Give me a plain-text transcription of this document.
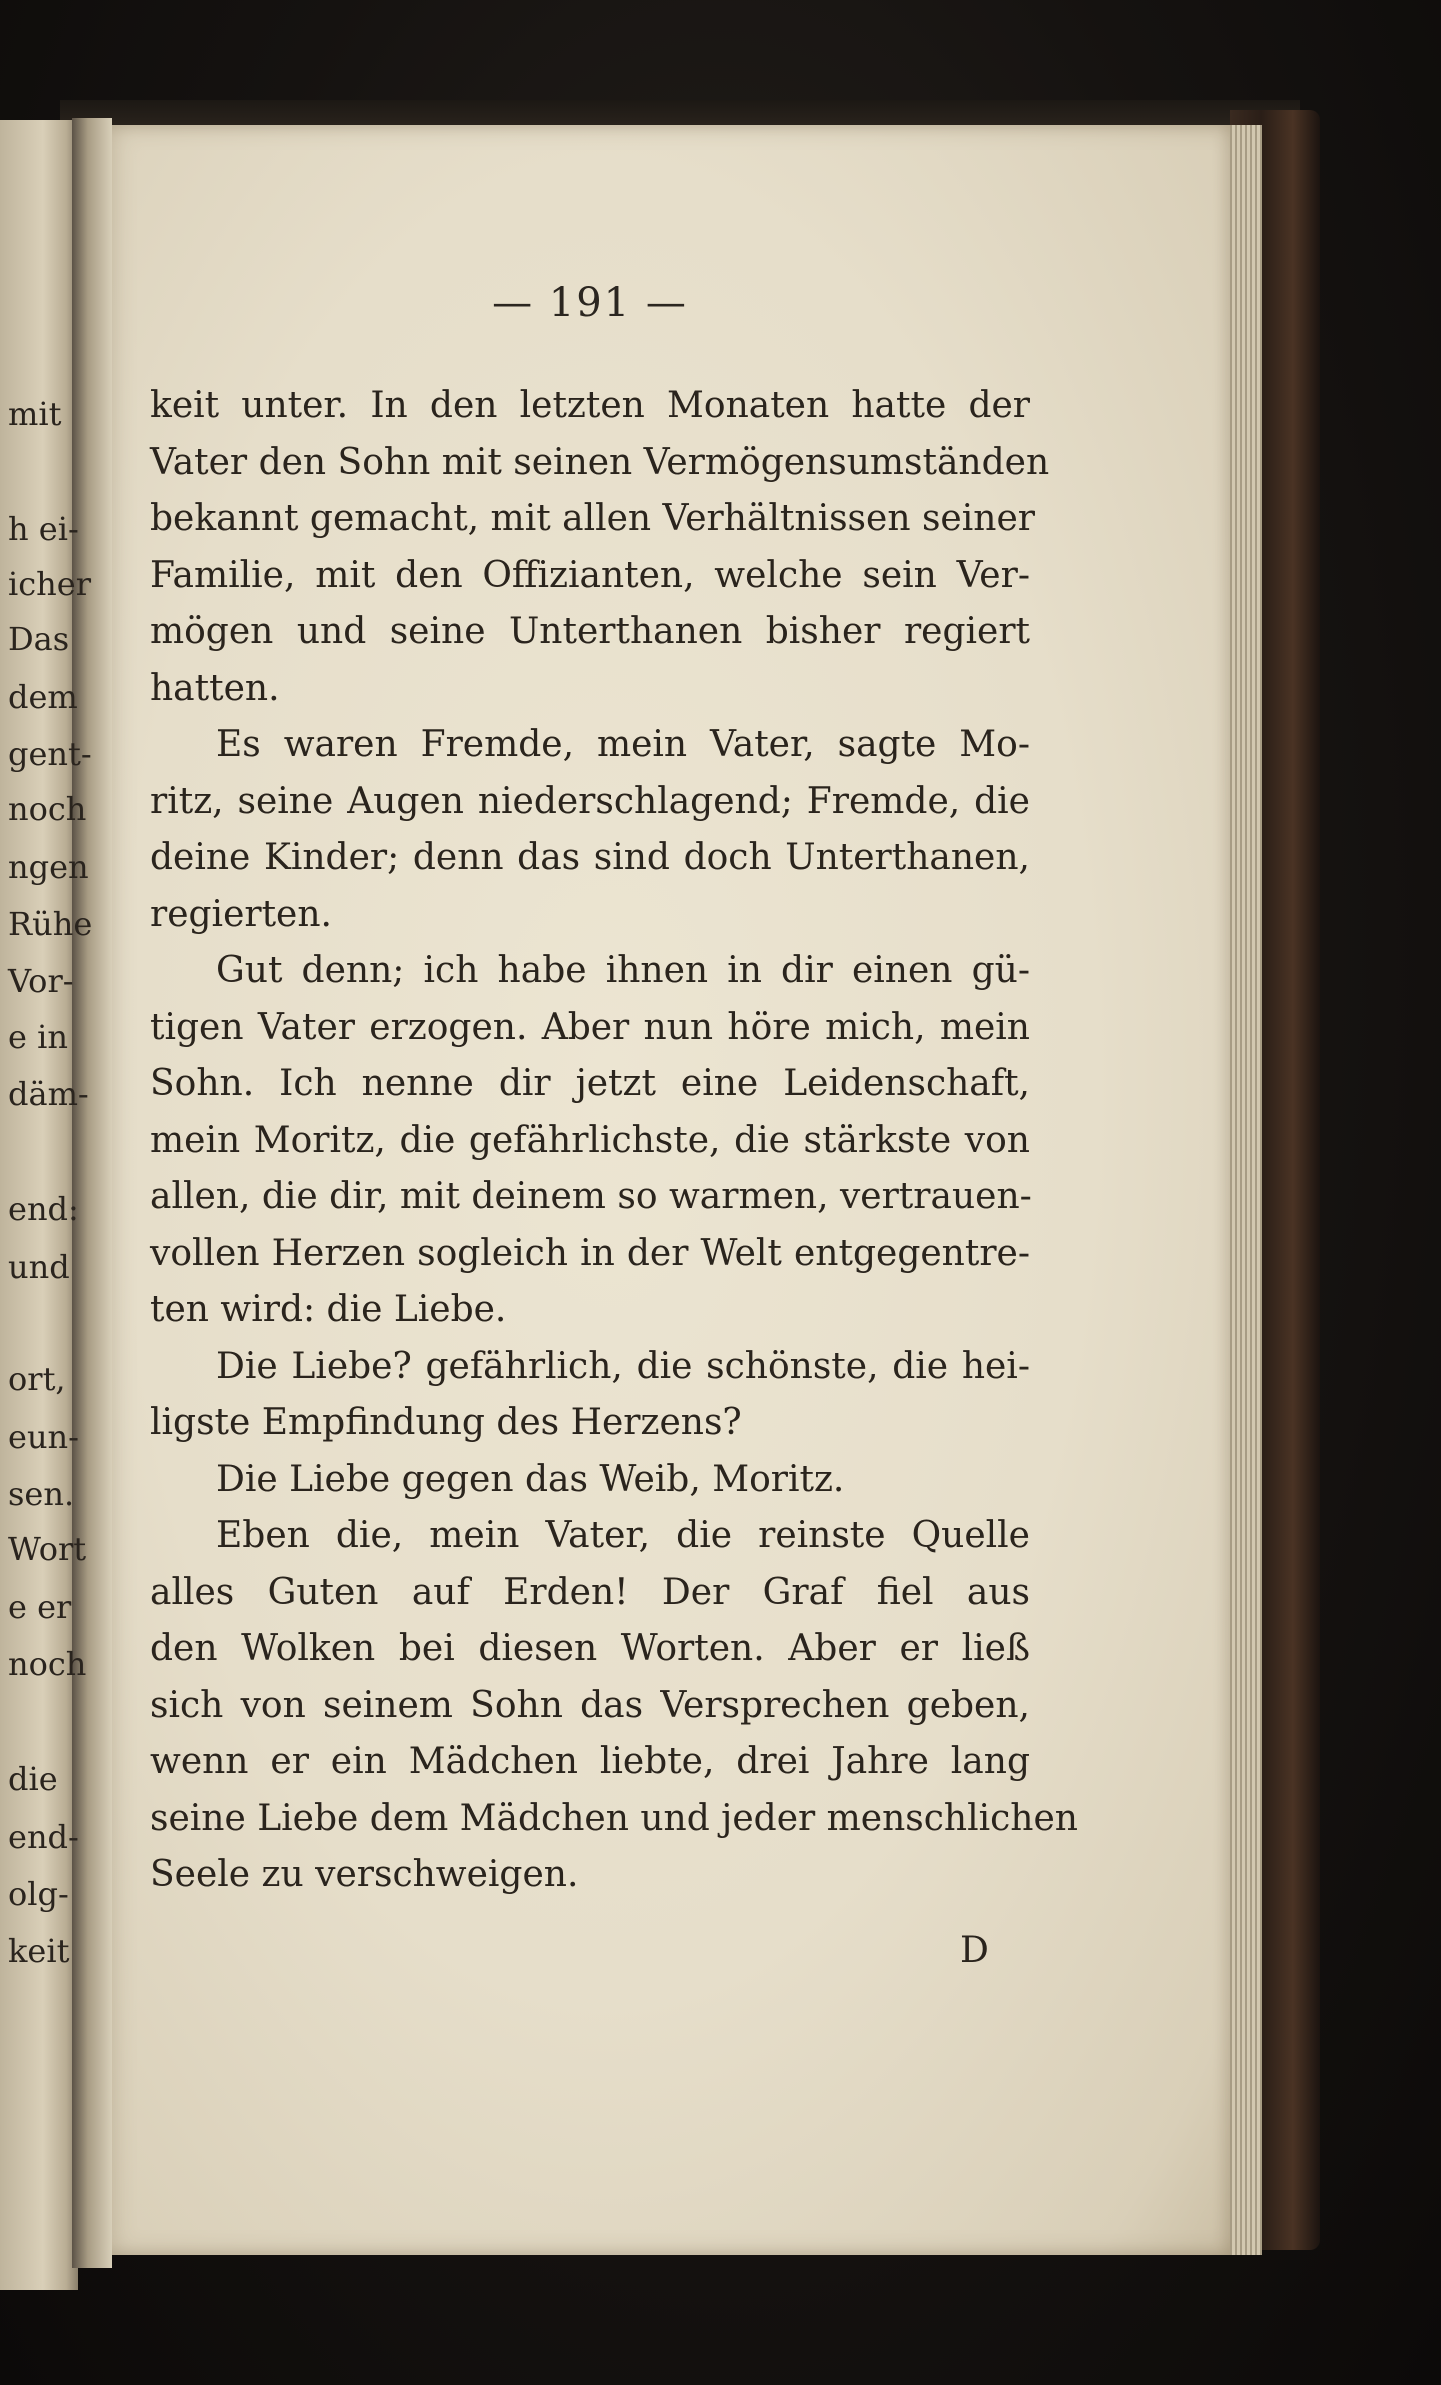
mit
h ei-
icher
Das
dem
gent-
noch
ngen
Rühe
Vor-
e in
däm-
end:
und
ort,
eun-
sen.
Wort
e er
noch
die
end-
olg-
keit
— 191 —
keit unter. In den letzten Monaten hatte der
Vater den Sohn mit seinen Vermögensumständen
bekannt gemacht, mit allen Verhältnissen seiner
Familie, mit den Offizianten, welche sein Ver-
mögen und seine Unterthanen bisher regiert
hatten.
Es waren Fremde, mein Vater, sagte Mo-
ritz, seine Augen niederschlagend; Fremde, die
deine Kinder; denn das sind doch Unterthanen,
regierten.
Gut denn; ich habe ihnen in dir einen gü-
tigen Vater erzogen. Aber nun höre mich, mein
Sohn. Ich nenne dir jetzt eine Leidenschaft,
mein Moritz, die gefährlichste, die stärkste von
allen, die dir, mit deinem so warmen, vertrauen-
vollen Herzen sogleich in der Welt entgegentre-
ten wird: die Liebe.
Die Liebe? gefährlich, die schönste, die hei-
ligste Empfindung des Herzens?
Die Liebe gegen das Weib, Moritz.
Eben die, mein Vater, die reinste Quelle
alles Guten auf Erden! Der Graf fiel aus
den Wolken bei diesen Worten. Aber er ließ
sich von seinem Sohn das Versprechen geben,
wenn er ein Mädchen liebte, drei Jahre lang
seine Liebe dem Mädchen und jeder menschlichen
Seele zu verschweigen.
D
